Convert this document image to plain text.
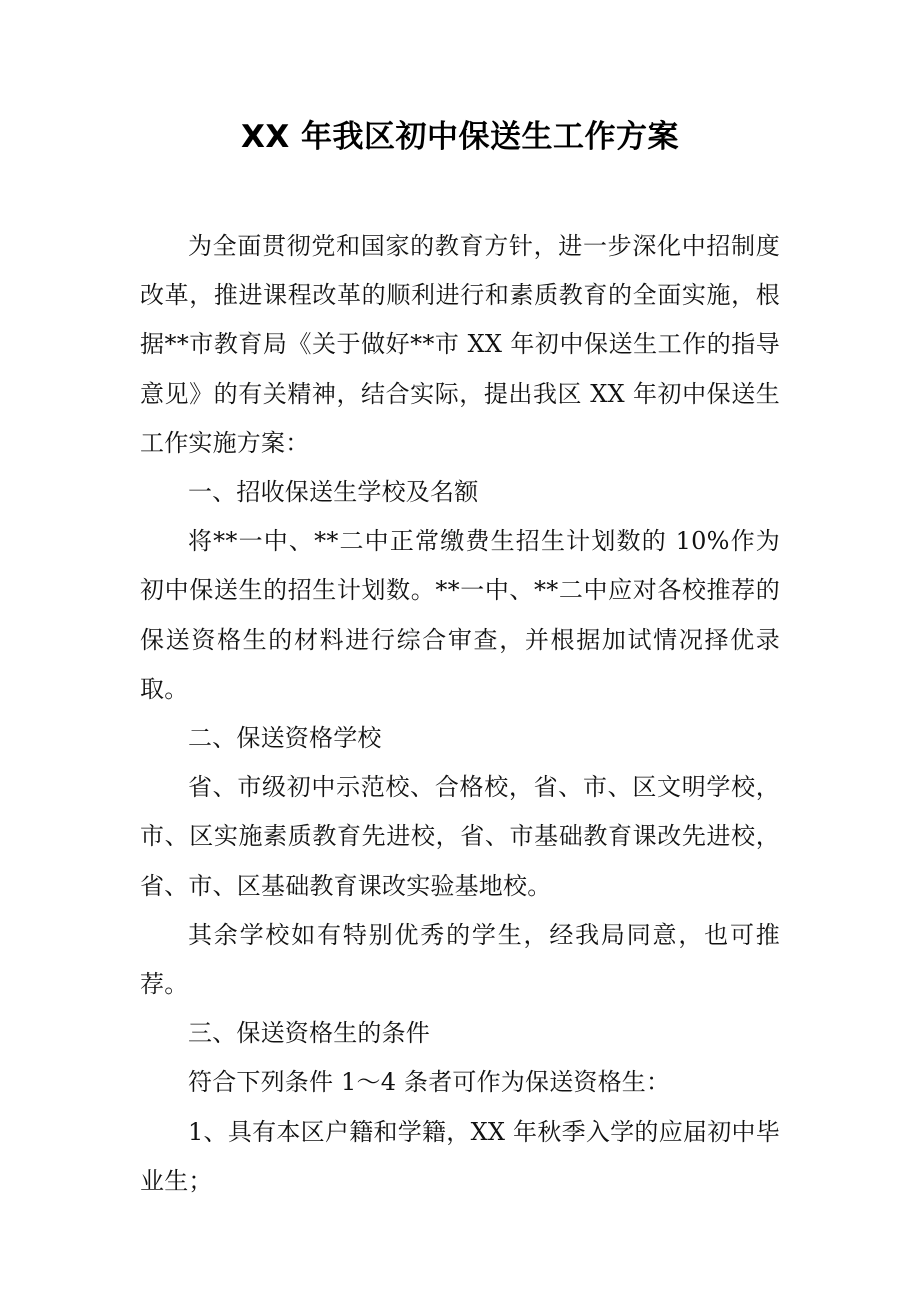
XX 年我区初中保送生工作方案

为全面贯彻党和国家的教育方针，进一步深化中招制度改革，推进课程改革的顺利进行和素质教育的全面实施，根据**市教育局《关于做好**市 XX 年初中保送生工作的指导意见》的有关精神，结合实际，提出我区 XX 年初中保送生工作实施方案：

一、招收保送生学校及名额

将**一中、**二中正常缴费生招生计划数的 10%作为初中保送生的招生计划数。**一中、**二中应对各校推荐的保送资格生的材料进行综合审查，并根据加试情况择优录取。

二、保送资格学校

省、市级初中示范校、合格校，省、市、区文明学校，市、区实施素质教育先进校，省、市基础教育课改先进校，省、市、区基础教育课改实验基地校。

其余学校如有特别优秀的学生，经我局同意，也可推荐。

三、保送资格生的条件

符合下列条件 1～4 条者可作为保送资格生：

1、具有本区户籍和学籍，XX 年秋季入学的应届初中毕业生；
